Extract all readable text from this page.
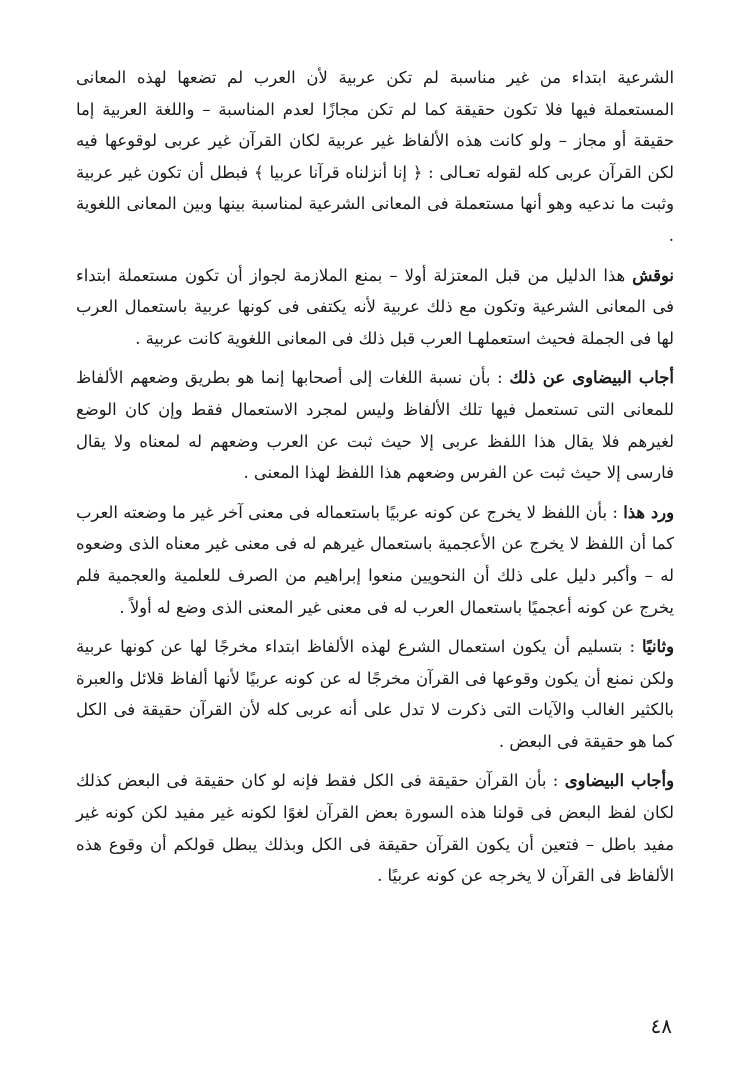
الشرعية ابتداء من غير مناسبة لم تكن عربية لأن العرب لم تضعها لهذه المعانى المستعملة فيها فلا تكون حقيقة كما لم تكن مجازًا لعدم المناسبة – واللغة العربية إما حقيقة أو مجاز – ولو كانت هذه الألفاظ غير عربية لكان القرآن غير عربى لوقوعها فيه لكن القرآن عربى كله لقوله تعـالى : ﴿ إنا أنزلناه قرآنا عربيا ﴾ فبطل أن تكون غير عربية وثبت ما ندعيه وهو أنها مستعملة فى المعانى الشرعية لمناسبة بينها وبين المعانى اللغوية .

نوقش هذا الدليل من قبل المعتزلة أولا – بمنع الملازمة لجواز أن تكون مستعملة ابتداء فى المعانى الشرعية وتكون مع ذلك عربية لأنه يكتفى فى كونها عربية باستعمال العرب لها فى الجملة فحيث استعملهـا العرب قبل ذلك فى المعانى اللغوية كانت عربية .

أجاب البيضاوى عن ذلك : بأن نسبة اللغات إلى أصحابها إنما هو بطريق وضعهم الألفاظ للمعانى التى تستعمل فيها تلك الألفاظ وليس لمجرد الاستعمال فقط وإن كان الوضع لغيرهم فلا يقال هذا اللفظ عربى إلا حيث ثبت عن العرب وضعهم له لمعناه ولا يقال فارسى إلا حيث ثبت عن الفرس وضعهم هذا اللفظ لهذا المعنى .

ورد هذا : بأن اللفظ لا يخرج عن كونه عربيًا باستعماله فى معنى آخر غير ما وضعته العرب كما أن اللفظ لا يخرج عن الأعجمية باستعمال غيرهم له فى معنى غير معناه الذى وضعوه له – وأكبر دليل على ذلك أن النحويين منعوا إبراهيم من الصرف للعلمية والعجمية فلم يخرج عن كونه أعجميًا باستعمال العرب له فى معنى غير المعنى الذى وضع له أولاً .

وثانيًا : بتسليم أن يكون استعمال الشرع لهذه الألفاظ ابتداء مخرجًا لها عن كونها عربية ولكن نمنع أن يكون وقوعها فى القرآن مخرجًا له عن كونه عربيًا لأنها ألفاظ قلائل والعبرة بالكثير الغالب والآيات التى ذكرت لا تدل على أنه عربى كله لأن القرآن حقيقة فى الكل كما هو حقيقة فى البعض .

وأجاب البيضاوى : بأن القرآن حقيقة فى الكل فقط فإنه لو كان حقيقة فى البعض كذلك لكان لفظ البعض فى قولنا هذه السورة بعض القرآن لغوًا لكونه غير مفيد لكن كونه غير مفيد باطل – فتعين أن يكون القرآن حقيقة فى الكل وبذلك يبطل قولكم أن وقوع هذه الألفاظ فى القرآن لا يخرجه عن كونه عربيًا .

٤٨
